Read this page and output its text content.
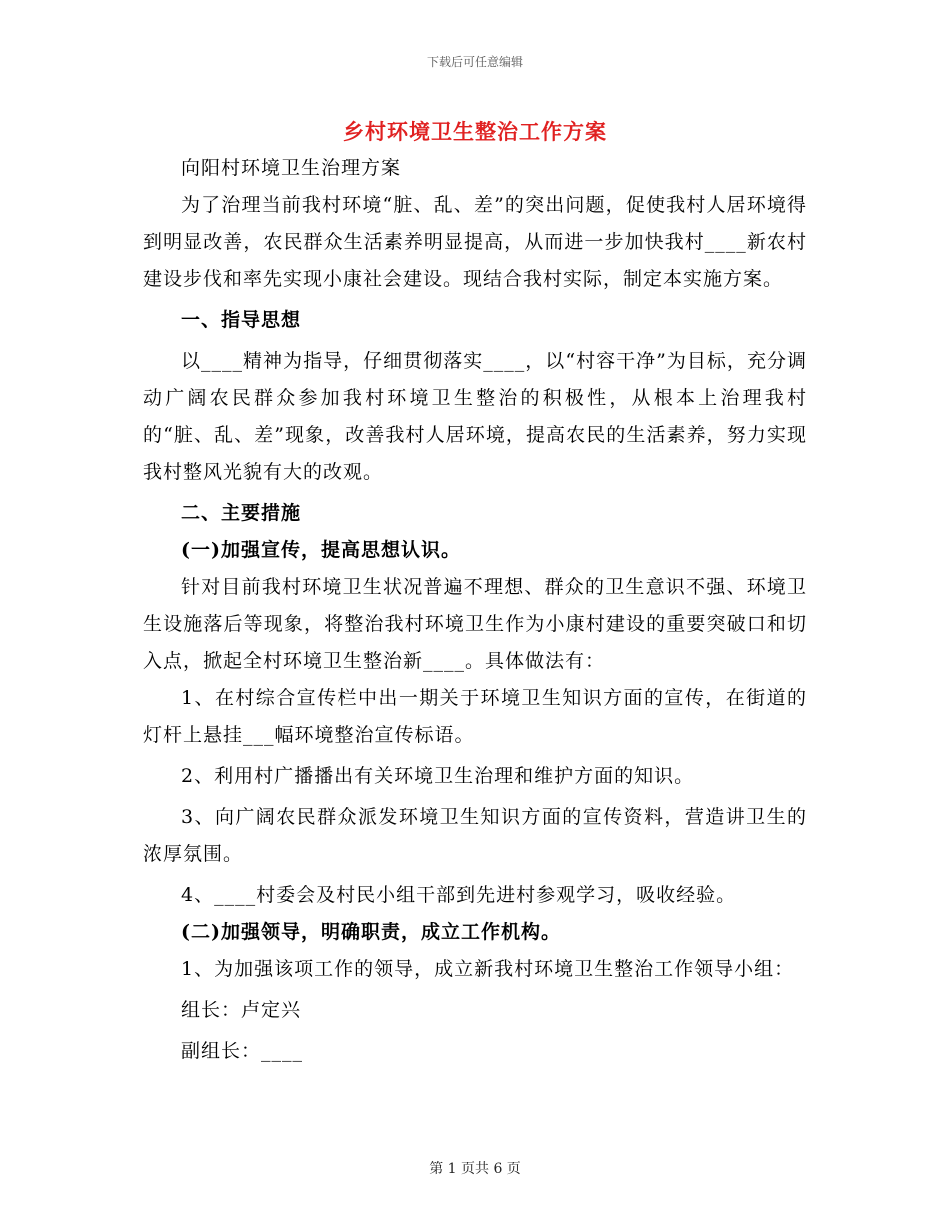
下载后可任意编辑
乡村环境卫生整治工作方案

向阳村环境卫生治理方案

为了治理当前我村环境“脏、乱、差”的突出问题，促使我村人居环境得到明显改善，农民群众生活素养明显提高，从而进一步加快我村____新农村建设步伐和率先实现小康社会建设。现结合我村实际，制定本实施方案。

一、指导思想

以____精神为指导，仔细贯彻落实____，以“村容干净”为目标，充分调动广阔农民群众参加我村环境卫生整治的积极性，从根本上治理我村的“脏、乱、差”现象，改善我村人居环境，提高农民的生活素养，努力实现我村整风光貌有大的改观。

二、主要措施

(一)加强宣传，提高思想认识。

针对目前我村环境卫生状况普遍不理想、群众的卫生意识不强、环境卫生设施落后等现象，将整治我村环境卫生作为小康村建设的重要突破口和切入点，掀起全村环境卫生整治新____。具体做法有：

1、在村综合宣传栏中出一期关于环境卫生知识方面的宣传，在街道的灯杆上悬挂___幅环境整治宣传标语。

2、利用村广播播出有关环境卫生治理和维护方面的知识。

3、向广阔农民群众派发环境卫生知识方面的宣传资料，营造讲卫生的浓厚氛围。

4、____村委会及村民小组干部到先进村参观学习，吸收经验。

(二)加强领导，明确职责，成立工作机构。

1、为加强该项工作的领导，成立新我村环境卫生整治工作领导小组：

组长：卢定兴

副组长：____

第 1 页共 6 页
